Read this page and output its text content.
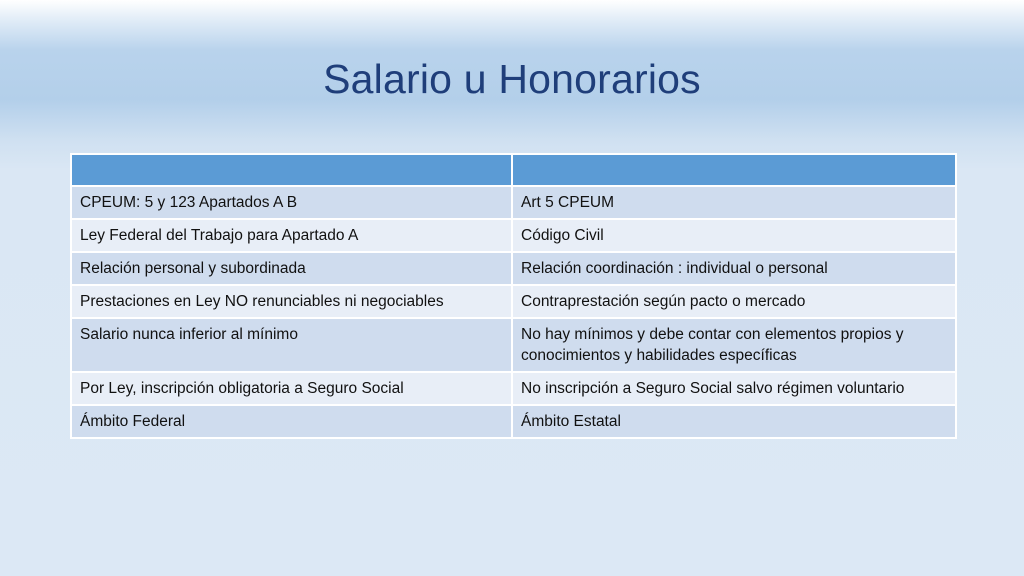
Salario u Honorarios

CPEUM: 5 y 123 Apartados A B	Art 5 CPEUM
Ley Federal del Trabajo para Apartado A	Código Civil
Relación personal y subordinada	Relación coordinación : individual o personal
Prestaciones en Ley NO renunciables ni negociables	Contraprestación según pacto o mercado
Salario nunca inferior al mínimo	No hay mínimos y debe contar con elementos propios y conocimientos y habilidades específicas
Por Ley, inscripción obligatoria a Seguro Social	No inscripción a Seguro Social salvo régimen voluntario
Ámbito Federal	Ámbito Estatal
